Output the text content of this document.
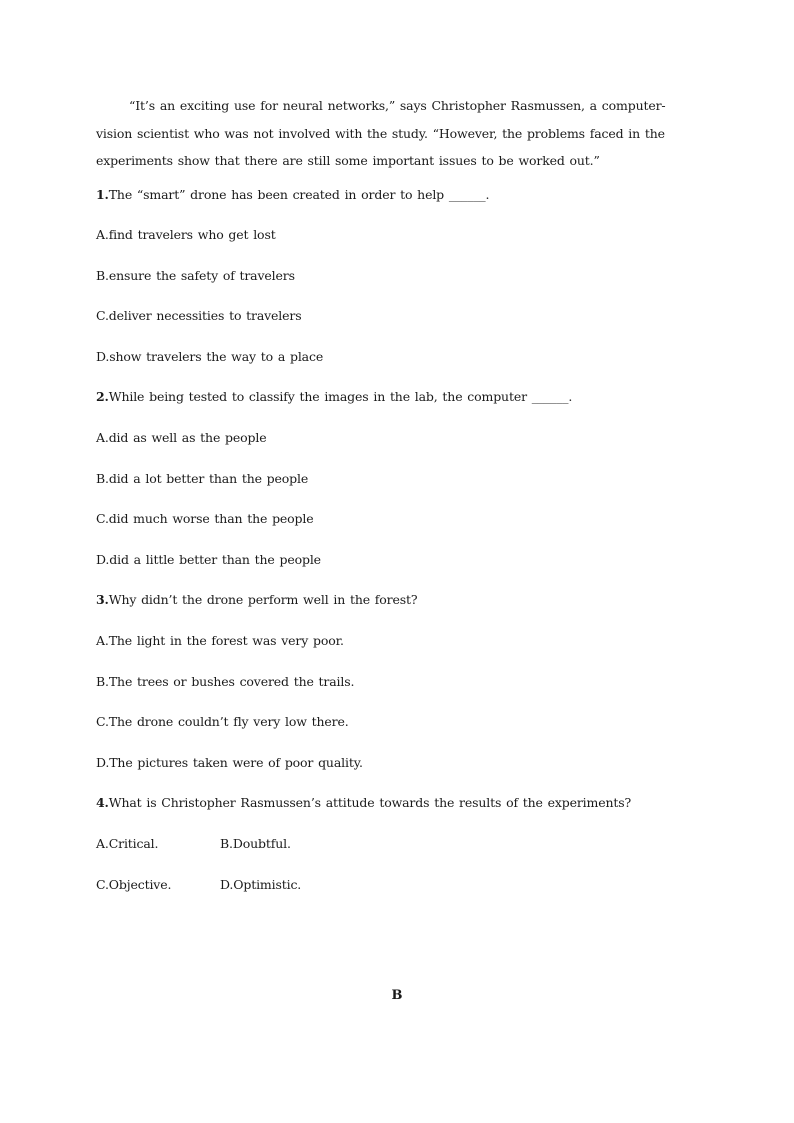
“It’s an exciting use for neural networks,” says Christopher Rasmussen, a computer-vision scientist who was not involved with the study. “However, the problems faced in the experiments show that there are still some important issues to be worked out.”

1.The “smart” drone has been created in order to help ______.
A.find travelers who get lost
B.ensure the safety of travelers
C.deliver necessities to travelers
D.show travelers the way to a place
2.While being tested to classify the images in the lab, the computer ______.
A.did as well as the people
B.did a lot better than the people
C.did much worse than the people
D.did a little better than the people
3.Why didn’t the drone perform well in the forest?
A.The light in the forest was very poor.
B.The trees or bushes covered the trails.
C.The drone couldn’t fly very low there.
D.The pictures taken were of poor quality.
4.What is Christopher Rasmussen’s attitude towards the results of the experiments?
A.Critical.	B.Doubtful.
C.Objective.	D.Optimistic.
B
